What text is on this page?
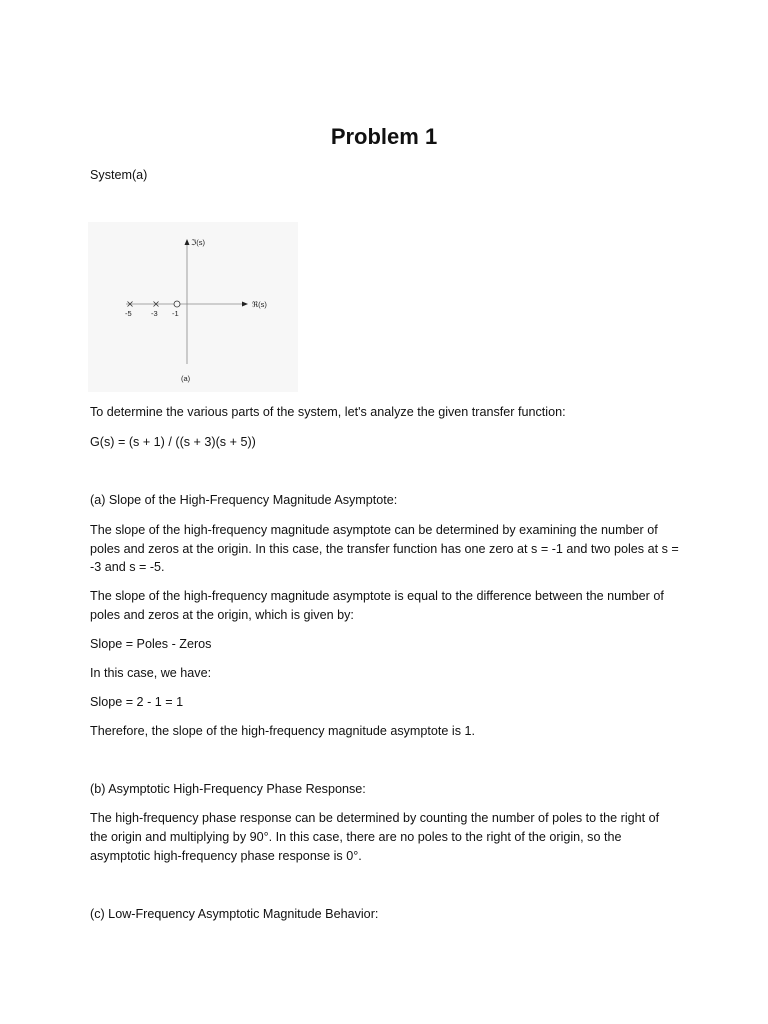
Problem 1
System(a)
ℑ(s)
ℜ(s)
-5	-3 -1
(a)
To determine the various parts of the system, let's analyze the given transfer function:
G(s) = (s + 1) / ((s + 3)(s + 5))
(a) Slope of the High-Frequency Magnitude Asymptote:
The slope of the high-frequency magnitude asymptote can be determined by examining the number of
poles and zeros at the origin. In this case, the transfer function has one zero at s = -1 and two poles at s =
-3 and s = -5.
The slope of the high-frequency magnitude asymptote is equal to the difference between the number of
poles and zeros at the origin, which is given by:
Slope = Poles - Zeros
In this case, we have:
Slope = 2 - 1 = 1
Therefore, the slope of the high-frequency magnitude asymptote is 1.
(b) Asymptotic High-Frequency Phase Response:
The high-frequency phase response can be determined by counting the number of poles to the right of
the origin and multiplying by 90°. In this case, there are no poles to the right of the origin, so the
asymptotic high-frequency phase response is 0°.
(c) Low-Frequency Asymptotic Magnitude Behavior:
